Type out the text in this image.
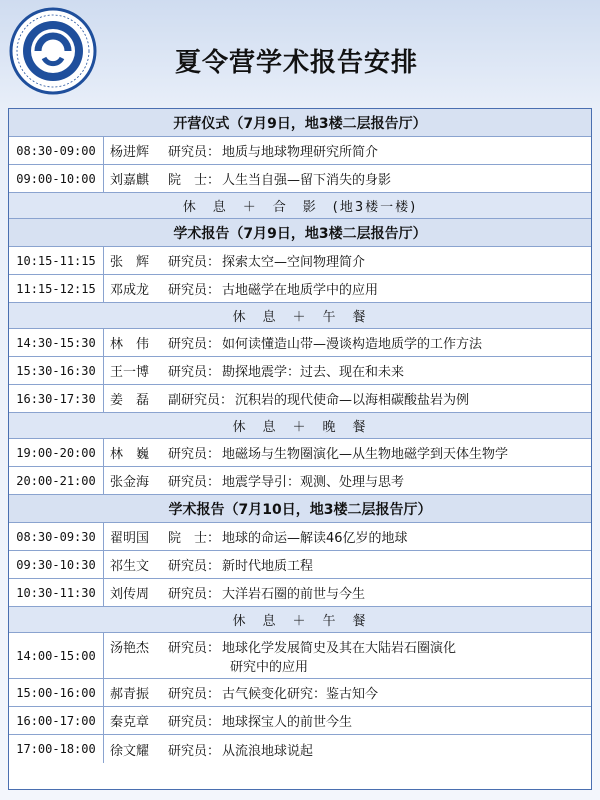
夏令营学术报告安排
开营仪式（7月9日，地3楼二层报告厅）
08:30-09:00	杨进辉	研究员： 地质与地球物理研究所简介
09:00-10:00	刘嘉麒	院　士： 人生当自强—留下消失的身影
休　息　＋　合　影　(地3楼一楼)
学术报告（7月9日，地3楼二层报告厅）
10:15-11:15	张　辉	研究员： 探索太空—空间物理简介
11:15-12:15	邓成龙	研究员： 古地磁学在地质学中的应用
休　息　＋　午　餐
14:30-15:30	林　伟	研究员： 如何读懂造山带—漫谈构造地质学的工作方法
15:30-16:30	王一博	研究员： 勘探地震学：过去、现在和未来
16:30-17:30	姜　磊	副研究员： 沉积岩的现代使命—以海相碳酸盐岩为例
休　息　＋　晚　餐
19:00-20:00	林　巍	研究员： 地磁场与生物圈演化—从生物地磁学到天体生物学
20:00-21:00	张金海	研究员： 地震学导引：观测、处理与思考
学术报告（7月10日，地3楼二层报告厅）
08:30-09:30	翟明国	院　士： 地球的命运—解读46亿岁的地球
09:30-10:30	祁生文	研究员： 新时代地质工程
10:30-11:30	刘传周	研究员： 大洋岩石圈的前世与今生
休　息　＋　午　餐
14:00-15:00	汤艳杰 研究员： 地球化学发展简史及其在大陆岩石圈演化
研究中的应用
15:00-16:00	郝青振	研究员： 古气候变化研究：鉴古知今
16:00-17:00	秦克章	研究员： 地球探宝人的前世今生
17:00-18:00	徐文耀	研究员： 从流浪地球说起
